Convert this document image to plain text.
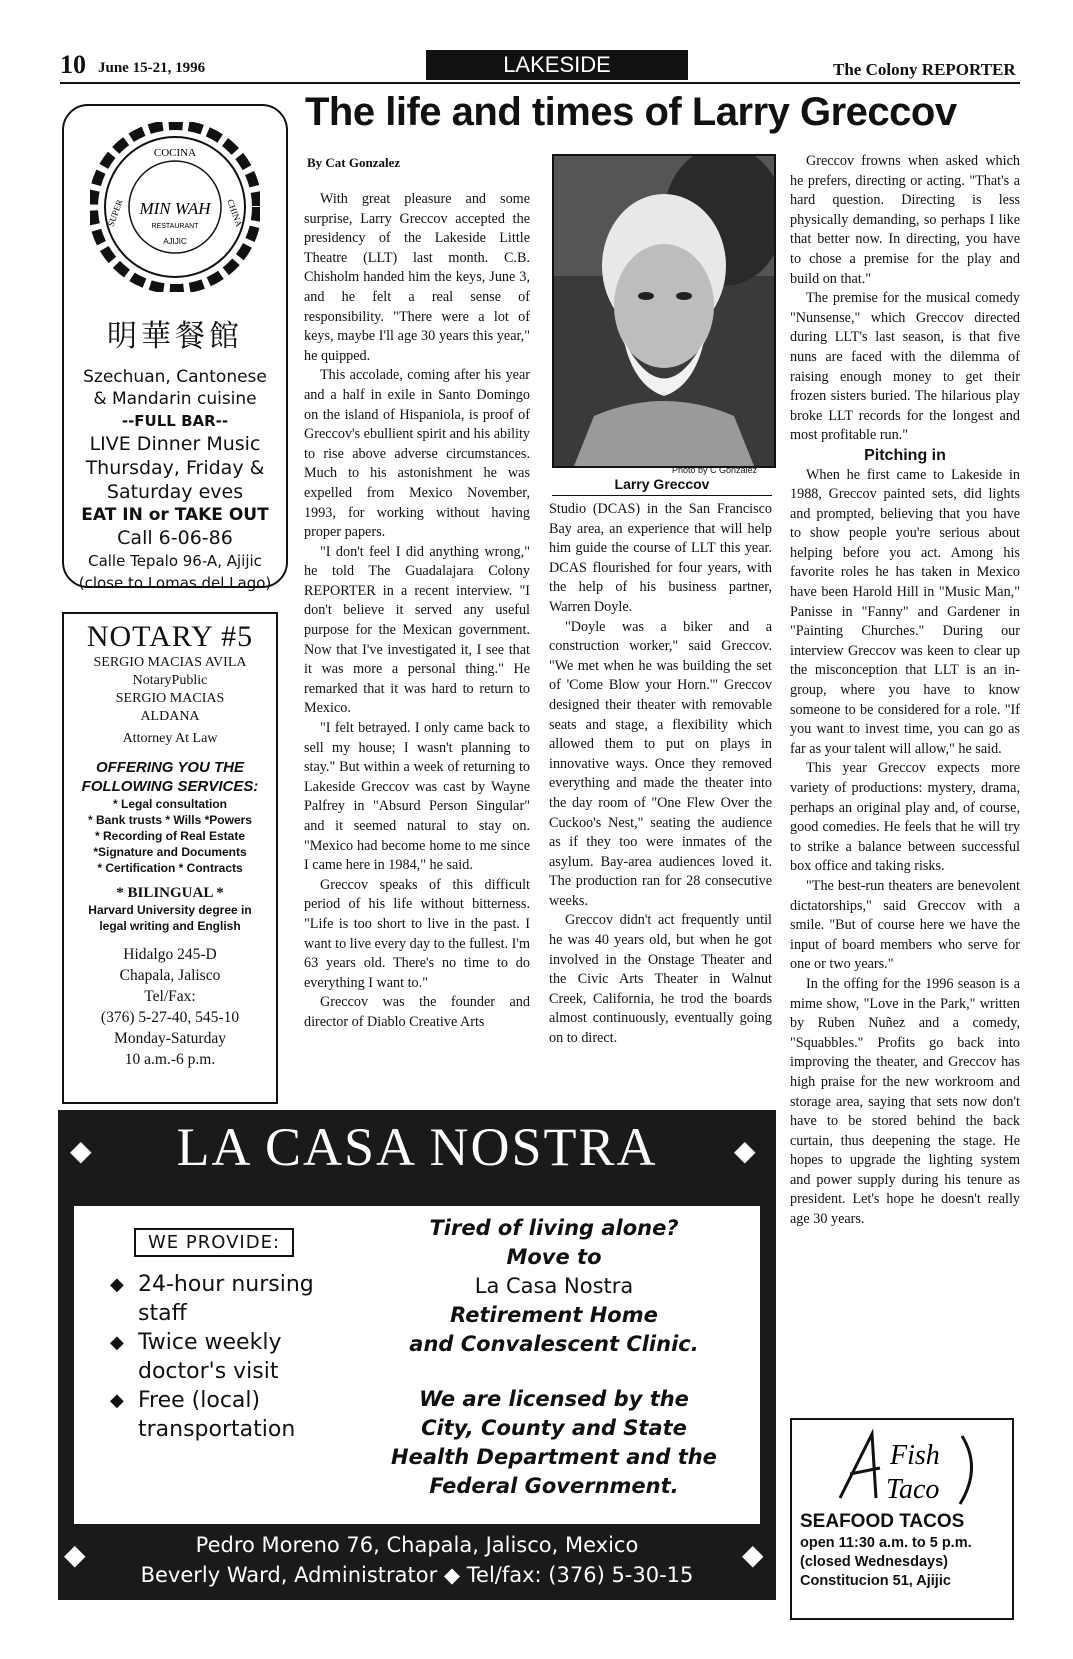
10 June 15-21, 1996	LAKESIDE	The Colony REPORTER
The life and times of Larry Greccov
By Cat Gonzalez

With great pleasure and some surprise, Larry Greccov accepted the presidency of the Lakeside Little Theatre (LLT) last month. C.B. Chisholm handed him the keys, June 3, and he felt a real sense of responsibility. "There were a lot of keys, maybe I'll age 30 years this year," he quipped.

This accolade, coming after his year and a half in exile in Santo Domingo on the island of Hispaniola, is proof of Greccov's ebullient spirit and his ability to rise above adverse circumstances. Much to his astonishment he was expelled from Mexico November, 1993, for working without having proper papers.

"I don't feel I did anything wrong," he told The Guadalajara Colony REPORTER in a recent interview. "I don't believe it served any useful purpose for the Mexican government. Now that I've investigated it, I see that it was more a personal thing." He remarked that it was hard to return to Mexico.

"I felt betrayed. I only came back to sell my house; I wasn't planning to stay." But within a week of returning to Lakeside Greccov was cast by Wayne Palfrey in "Absurd Person Singular" and it seemed natural to stay on. "Mexico had become home to me since I came here in 1984," he said.

Greccov speaks of this difficult period of his life without bitterness. "Life is too short to live in the past. I want to live every day to the fullest. I'm 63 years old. There's no time to do everything I want to."

Greccov was the founder and director of Diablo Creative Arts

Photo by C Gonzalez
Larry Greccov

Studio (DCAS) in the San Francisco Bay area, an experience that will help him guide the course of LLT this year. DCAS flourished for four years, with the help of his business partner, Warren Doyle.

"Doyle was a biker and a construction worker," said Greccov. "We met when he was building the set of 'Come Blow your Horn.'" Greccov designed their theater with removable seats and stage, a flexibility which allowed them to put on plays in innovative ways. Once they removed everything and made the theater into the day room of "One Flew Over the Cuckoo's Nest," seating the audience as if they too were inmates of the asylum. Bay-area audiences loved it. The production ran for 28 consecutive weeks.

Greccov didn't act frequently until he was 40 years old, but when he got involved in the Onstage Theater and the Civic Arts Theater in Walnut Creek, California, he trod the boards almost continuously, eventually going on to direct.

Greccov frowns when asked which he prefers, directing or acting. "That's a hard question. Directing is less physically demanding, so perhaps I like that better now. In directing, you have to chose a premise for the play and build on that."

The premise for the musical comedy "Nunsense," which Greccov directed during LLT's last season, is that five nuns are faced with the dilemma of raising enough money to get their frozen sisters buried. The hilarious play broke LLT records for the longest and most profitable run."

Pitching in

When he first came to Lakeside in 1988, Greccov painted sets, did lights and prompted, believing that you have to show people you're serious about helping before you act. Among his favorite roles he has taken in Mexico have been Harold Hill in "Music Man," Panisse in "Fanny" and Gardener in "Painting Churches." During our interview Greccov was keen to clear up the misconception that LLT is an in-group, where you have to know someone to be considered for a role. "If you want to invest time, you can go as far as your talent will allow," he said.

This year Greccov expects more variety of productions: mystery, drama, perhaps an original play and, of course, good comedies. He feels that he will try to strike a balance between successful box office and taking risks.

"The best-run theaters are benevolent dictatorships," said Greccov with a smile. "But of course here we have the input of board members who serve for one or two years."

In the offing for the 1996 season is a mime show, "Love in the Park," written by Ruben Nuñez and a comedy, "Squabbles." Profits go back into improving the theater, and Greccov has high praise for the new workroom and storage area, saying that sets now don't have to be stored behind the back curtain, thus deepening the stage. He hopes to upgrade the lighting system and power supply during his tenure as president. Let's hope he doesn't really age 30 years.

COCINA
SUPER	CHINA
MIN WAH
RESTAURANT
AJIJIC
明華餐館
Szechuan, Cantonese
& Mandarin cuisine
--FULL BAR--
LIVE Dinner Music
Thursday, Friday &
Saturday eves
EAT IN or TAKE OUT
Call 6-06-86
Calle Tepalo 96-A, Ajijic
(close to Lomas del Lago)
NOTARY #5
SERGIO MACIAS AVILA
NotaryPublic
SERGIO MACIAS
ALDANA
Attorney At Law
OFFERING YOU THE
FOLLOWING SERVICES:
* Legal consultation
* Bank trusts * Wills *Powers
* Recording of Real Estate
*Signature and Documents
* Certification * Contracts
* BILINGUAL *
Harvard University degree in
legal writing and English
Hidalgo 245-D
Chapala, Jalisco
Tel/Fax:
(376) 5-27-40, 545-10
Monday-Saturday
10 a.m.-6 p.m.
◆	◆
LA CASA NOSTRA
WE PROVIDE:
◆ 24-hour nursing staff
◆ Twice weekly doctor's visit
◆ Free (local) transportation
Tired of living alone?
Move to
La Casa Nostra
Retirement Home
and Convalescent Clinic.
We are licensed by the
City, County and State
Health Department and the
Federal Government.
◆	◆
Pedro Moreno 76, Chapala, Jalisco, Mexico
Beverly Ward, Administrator ◆ Tel/fax: (376) 5-30-15
Fish
Taco
SEAFOOD TACOS
open 11:30 a.m. to 5 p.m.
(closed Wednesdays)
Constitucion 51, Ajijic
